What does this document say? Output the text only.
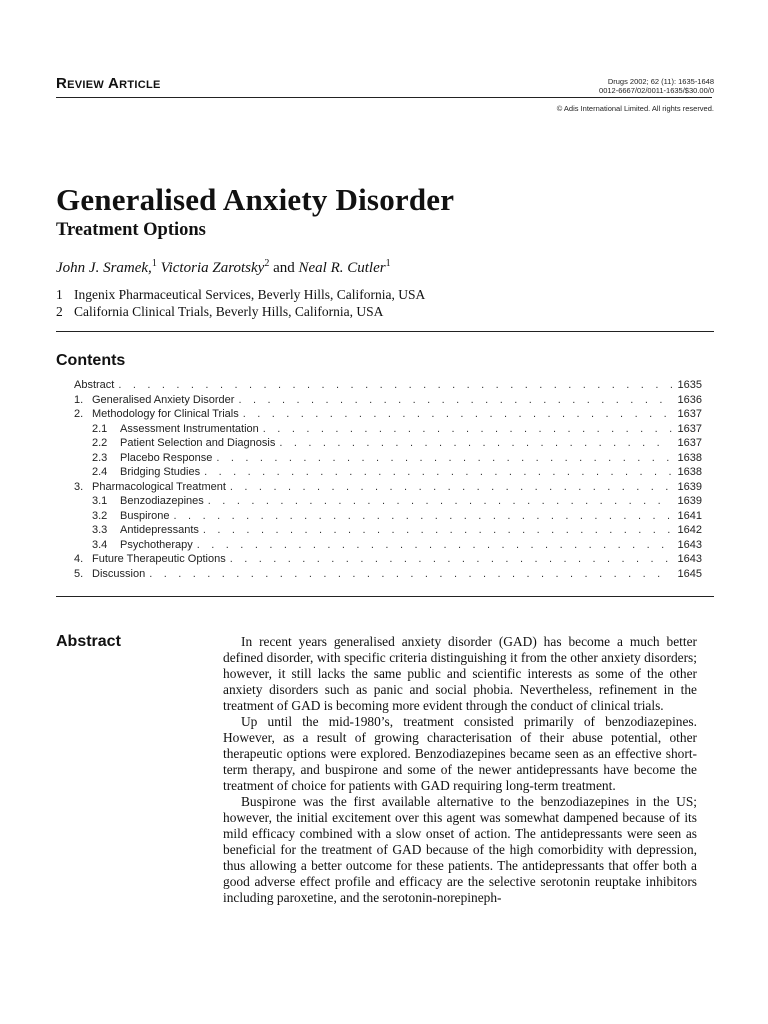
Review Article	Drugs 2002; 62 (11): 1635-1648
0012-6667/02/0011-1635/$30.00/0
© Adis International Limited. All rights reserved.
Generalised Anxiety Disorder
Treatment Options
John J. Sramek,$^1$ Victoria Zarotsky$^2$ and Neal R. Cutler$^1$
1 Ingenix Pharmaceutical Services, Beverly Hills, California, USA
2 California Clinical Trials, Beverly Hills, California, USA
Contents
Abstract . . .	1635
1. Generalised Anxiety Disorder . . .	1636
2. Methodology for Clinical Trials . . .	1637
2.1	Assessment Instrumentation . . .	1637
2.2	Patient Selection and Diagnosis . . .	1637
2.3	Placebo Response . . .	1638
2.4	Bridging Studies . . .	1638
3. Pharmacological Treatment . . .	1639
3.1	Benzodiazepines . . .	1639
3.2	Buspirone . . .	1641
3.3	Antidepressants . . .	1642
3.4	Psychotherapy . . .	1643
4. Future Therapeutic Options . . .	1643
5. Discussion . . .	1645
Abstract	In recent years generalised anxiety disorder (GAD) has become a much better defined disorder, with specific criteria distinguishing it from the other anxiety disorders; however, it still lacks the same public and scientific interests as some of the other anxiety disorders such as panic and social phobia. Nevertheless, refinement in the treatment of GAD is becoming more evident through the conduct of clinical trials.

Up until the mid-1980’s, treatment consisted primarily of benzodiazepines. However, as a result of growing characterisation of their abuse potential, other therapeutic options were explored. Benzodiazepines became seen as an effective short-term therapy, and buspirone and some of the newer antidepressants have become the treatment of choice for patients with GAD requiring long-term treatment.

Buspirone was the first available alternative to the benzodiazepines in the US; however, the initial excitement over this agent was somewhat dampened because of its mild efficacy combined with a slow onset of action. The antidepressants were seen as beneficial for the treatment of GAD because of the high comorbidity with depression, thus allowing a better outcome for these patients. The antidepressants that offer both a good adverse effect profile and efficacy are the selective serotonin reuptake inhibitors including paroxetine, and the serotonin-norepineph-
